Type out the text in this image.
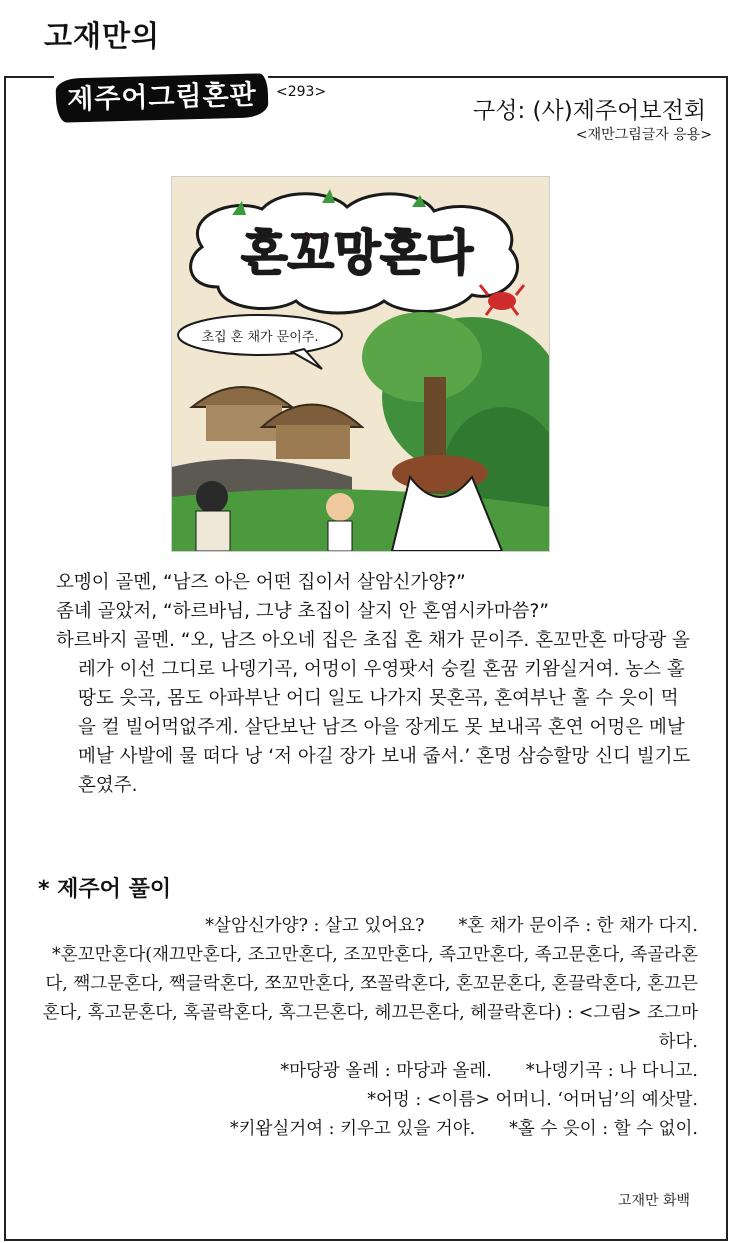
고재만의
제주어그림혼판	<293>
구성: (사)제주어보전회
<재만그림글자 응용>
혼꼬망혼다
초집 혼 채가 문이주.

오멩이 골멘, “남즈 아은 어떤 집이서 살암신가양?”

좀녜 골았저, “하르바님, 그냥 초집이 살지 안 혼염시카마씀?”

하르바지 골멘. “오, 남즈 아오네 집은 초집 혼 채가 문이주. 혼꼬만혼 마당광 올레가 이선 그디로 나뎅기곡, 어멍이 우영팟서 숭킬 혼꿈 키왐실거여. 농스 홀 땅도 읏곡, 몸도 아파부난 어디 일도 나가지 못혼곡, 혼여부난 홀 수 읏이 먹을 컬 빌어먹없주게. 살단보난 남즈 아을 장게도 못 보내곡 혼연 어멍은 메날 메날 사발에 물 떠다 낭 ‘저 아길 장가 보내 줍서.’ 혼멍 삼승할망 신디 빌기도 혼였주.

* 제주어 풀이

*살암신가양? : 살고 있어요? *혼 채가 문이주 : 한 채가 다지.

*혼꼬만혼다(재끄만혼다, 조고만혼다, 조꼬만혼다, 족고만혼다, 족고문혼다, 족골라혼다, 짹그문혼다, 짹글락혼다, 쪼꼬만혼다, 쪼꼴락혼다, 혼꼬문혼다, 혼끌락혼다, 혼끄믄혼다, 혹고문혼다, 혹골락혼다, 혹그믄혼다, 헤끄믄혼다, 헤끌락혼다) : <그림> 조그마하다.

*마당광 올레 : 마당과 올레. *나뎅기곡 : 나 다니고.

*어멍 : <이름> 어머니. ‘어머님’의 예삿말.

*키왐실거여 : 키우고 있을 거야. *홀 수 읏이 : 할 수 없이.

고재만 화백
